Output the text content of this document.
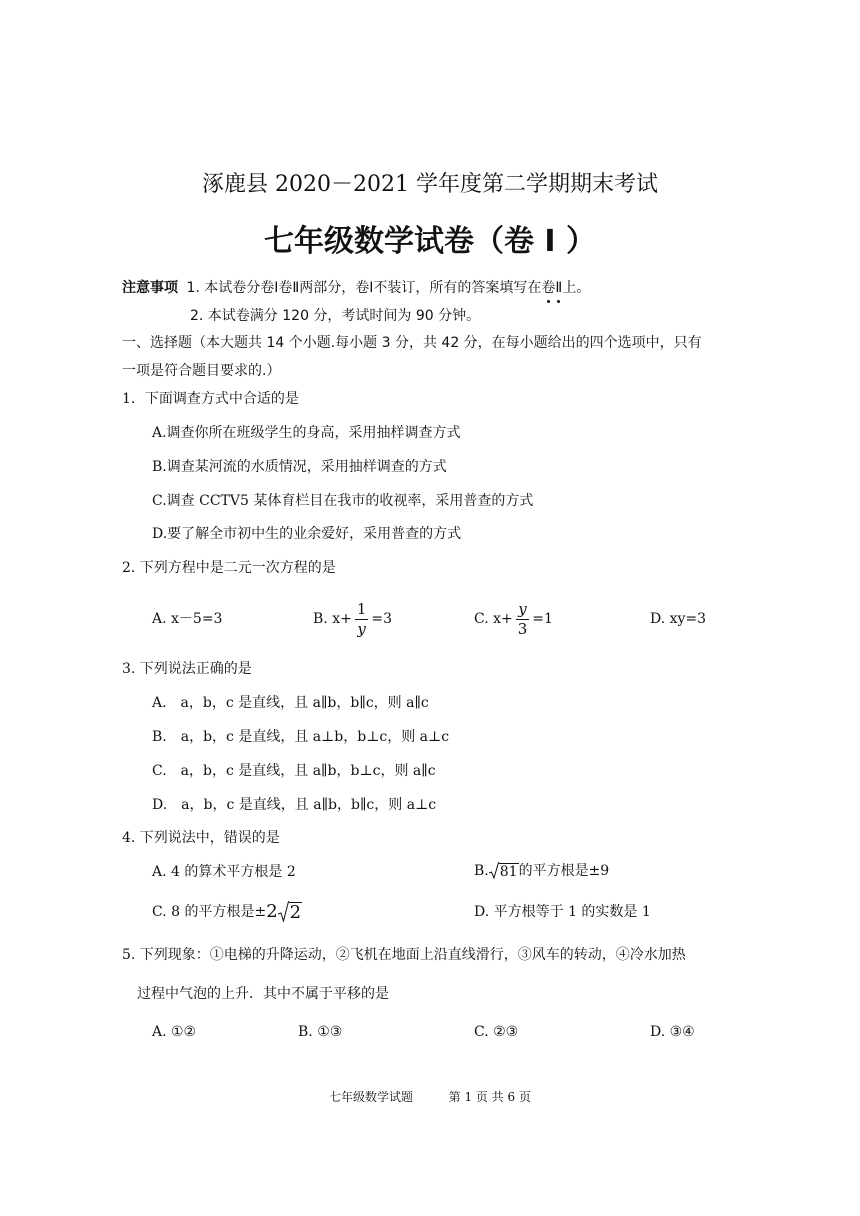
涿鹿县 2020－2021 学年度第二学期期末考试
七年级数学试卷（卷 I ）
注意事项 1. 本试卷分卷Ⅰ卷Ⅱ两部分，卷Ⅰ不装订，所有的答案填写在卷Ⅱ上。
2. 本试卷满分 120 分，考试时间为 90 分钟。
一、选择题（本大题共 14 个小题.每小题 3 分，共 42 分，在每小题给出的四个选项中，只有
一项是符合题目要求的.）
1．下面调查方式中合适的是
A.调查你所在班级学生的身高，采用抽样调查方式
B.调查某河流的水质情况，采用抽样调查的方式
C.调查 CCTV5 某体育栏目在我市的收视率，采用普查的方式
D.要了解全市初中生的业余爱好，采用普查的方式
2. 下列方程中是二元一次方程的是
A. x－5=3	B. $x+ \frac{1}{y} =3$	C. $x+ \frac{y}{3} =1$	D. xy=3
3. 下列说法正确的是
A.　a，b，c 是直线，且 a∥b，b∥c，则 a∥c
B.　a，b，c 是直线，且 a⊥b，b⊥c，则 a⊥c
C.　a，b，c 是直线，且 a∥b，b⊥c，则 a∥c
D.　a，b，c 是直线，且 a∥b，b∥c，则 a⊥c
4. 下列说法中，错误的是
A. 4 的算术平方根是 2	B. 81 的平方根是±9
C. 8 的平方根是± 2 2	D. 平方根等于 1 的实数是 1
5. 下列现象：①电梯的升降运动，②飞机在地面上沿直线滑行，③风车的转动，④冷水加热
过程中气泡的上升．其中不属于平移的是
A. ①②	B. ①③	C. ②③	D. ③④
七年级数学试题	第 1 页 共 6 页
